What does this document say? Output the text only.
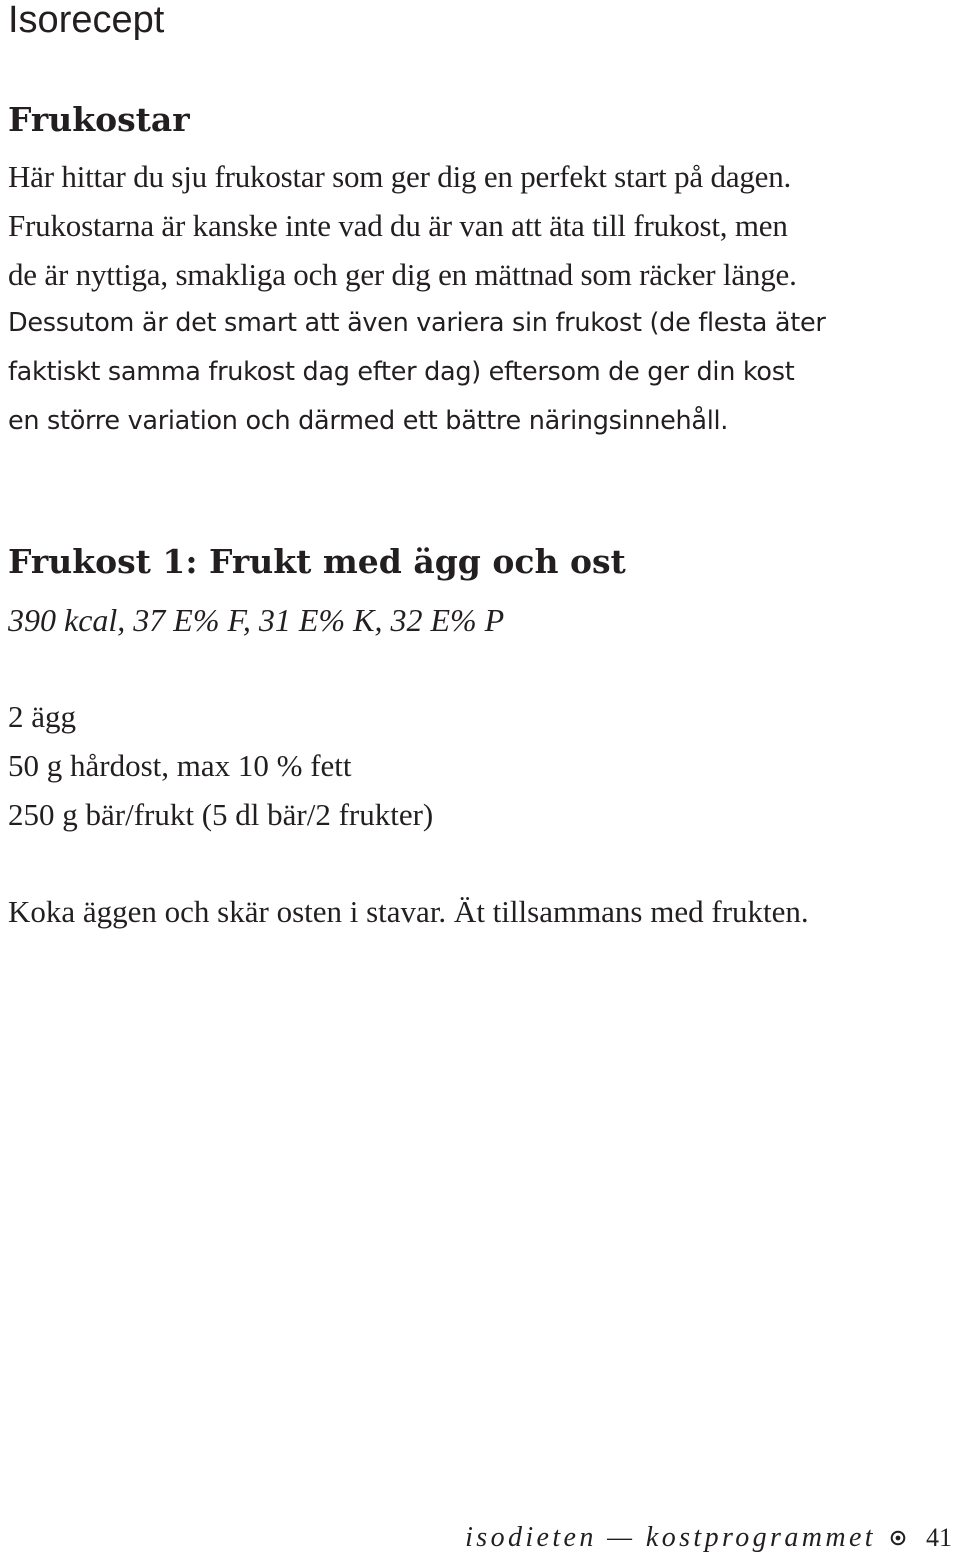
Isorecept
Frukostar
Här hittar du sju frukostar som ger dig en perfekt start på dagen.
Frukostarna är kanske inte vad du är van att äta till frukost, men
de är nyttiga, smakliga och ger dig en mättnad som räcker länge.
Dessutom är det smart att även variera sin frukost (de flesta äter
faktiskt samma frukost dag efter dag) eftersom de ger din kost
en större variation och därmed ett bättre näringsinnehåll.
Frukost 1: Frukt med ägg och ost

390 kcal, 37 E% F, 31 E% K, 32 E% P

2 ägg
50 g hårdost, max 10 % fett
250 g bär/frukt (5 dl bär/2 frukter)

Koka äggen och skär osten i stavar. Ät tillsammans med frukten.

isodieten — kostprogrammet 41
